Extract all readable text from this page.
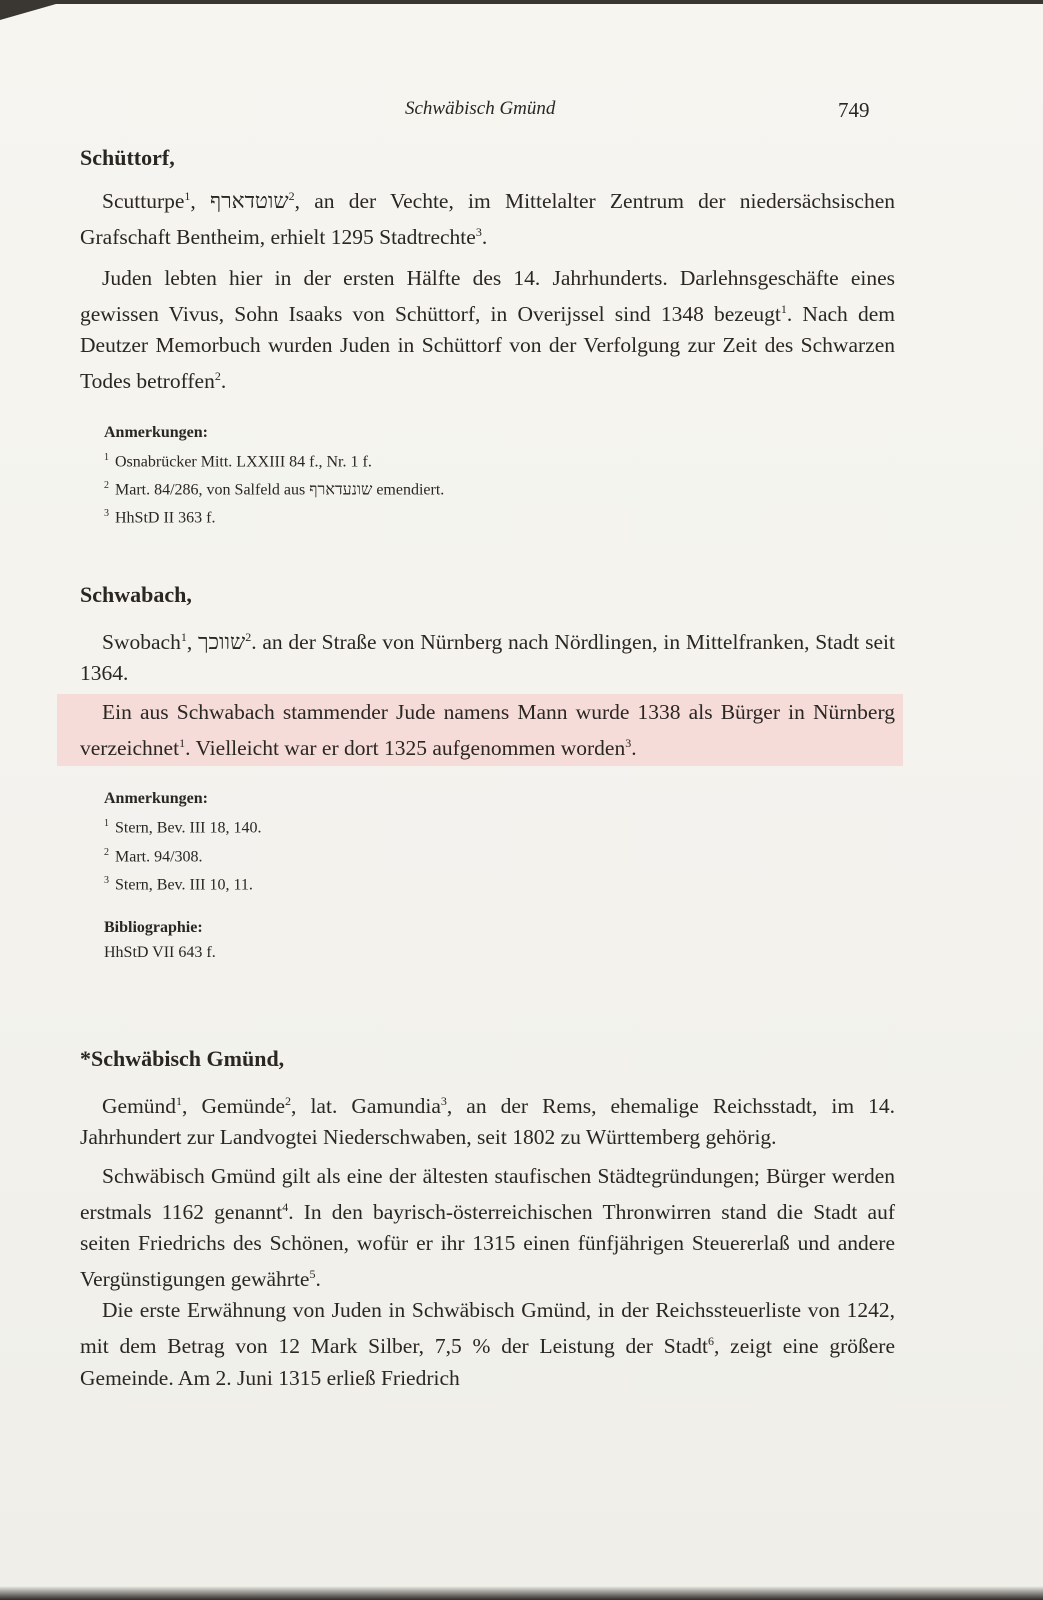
Schwäbisch Gmünd	749

Schüttorf,

Scutturpe$^1$, שוטדארף$^2$, an der Vechte, im Mittelalter Zentrum der niedersächsischen Grafschaft Bentheim, erhielt 1295 Stadtrechte$^3$.

Juden lebten hier in der ersten Hälfte des 14. Jahrhunderts. Darlehnsgeschäfte eines gewissen Vivus, Sohn Isaaks von Schüttorf, in Overijssel sind 1348 bezeugt$^1$. Nach dem Deutzer Memorbuch wurden Juden in Schüttorf von der Verfolgung zur Zeit des Schwarzen Todes betroffen$^2$.

Anmerkungen:

$^1$ Osnabrücker Mitt. LXXIII 84 f., Nr. 1 f.

$^2$ Mart. 84/286, von Salfeld aus שונעדארף emendiert.

$^3$ HhStD II 363 f.

Schwabach,

Swobach$^1$, שווכך$^2$. an der Straße von Nürnberg nach Nördlingen, in Mittelfranken, Stadt seit 1364.

Ein aus Schwabach stammender Jude namens Mann wurde 1338 als Bürger in Nürnberg verzeichnet$^1$. Vielleicht war er dort 1325 aufgenommen worden$^3$.

Anmerkungen:

$^1$ Stern, Bev. III 18, 140.

$^2$ Mart. 94/308.

$^3$ Stern, Bev. III 10, 11.

Bibliographie:

HhStD VII 643 f.

*Schwäbisch Gmünd,

Gemünd$^1$, Gemünde$^2$, lat. Gamundia$^3$, an der Rems, ehemalige Reichsstadt, im 14. Jahrhundert zur Landvogtei Niederschwaben, seit 1802 zu Württemberg gehörig.

Schwäbisch Gmünd gilt als eine der ältesten staufischen Städtegründungen; Bürger werden erstmals 1162 genannt$^4$. In den bayrisch-österreichischen Thronwirren stand die Stadt auf seiten Friedrichs des Schönen, wofür er ihr 1315 einen fünfjährigen Steuererlaß und andere Vergünstigungen gewährte$^5$.

Die erste Erwähnung von Juden in Schwäbisch Gmünd, in der Reichssteuerliste von 1242, mit dem Betrag von 12 Mark Silber, 7,5 % der Leistung der Stadt$^6$, zeigt eine größere Gemeinde. Am 2. Juni 1315 erließ Friedrich
